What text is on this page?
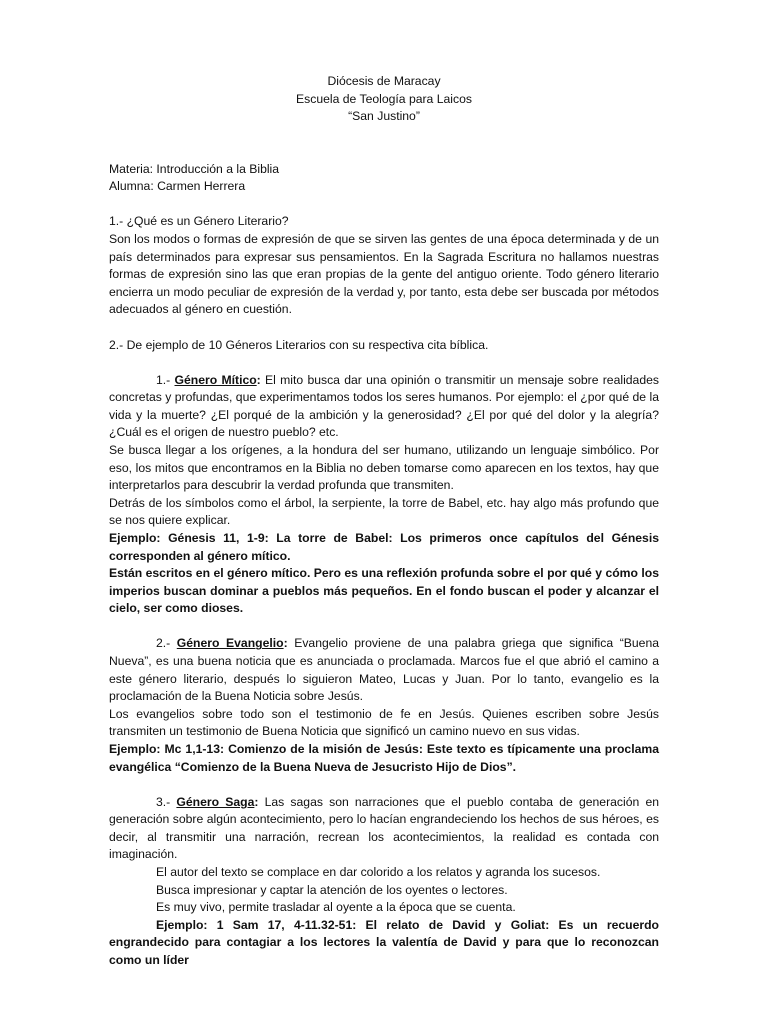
Diócesis de Maracay
Escuela de Teología para Laicos
“San Justino”
Materia: Introducción a la Biblia
Alumna: Carmen Herrera

1.- ¿Qué es un Género Literario?

Son los modos o formas de expresión de que se sirven las gentes de una época determinada y de un país determinados para expresar sus pensamientos. En la Sagrada Escritura no hallamos nuestras formas de expresión sino las que eran propias de la gente del antiguo oriente. Todo género literario encierra un modo peculiar de expresión de la verdad y, por tanto, esta debe ser buscada por métodos adecuados al género en cuestión.

2.- De ejemplo de 10 Géneros Literarios con su respectiva cita bíblica.

1.- Género Mítico: El mito busca dar una opinión o transmitir un mensaje sobre realidades concretas y profundas, que experimentamos todos los seres humanos. Por ejemplo: el ¿por qué de la vida y la muerte? ¿El porqué de la ambición y la generosidad? ¿El por qué del dolor y la alegría? ¿Cuál es el origen de nuestro pueblo? etc.

Se busca llegar a los orígenes, a la hondura del ser humano, utilizando un lenguaje simbólico. Por eso, los mitos que encontramos en la Biblia no deben tomarse como aparecen en los textos, hay que interpretarlos para descubrir la verdad profunda que transmiten.

Detrás de los símbolos como el árbol, la serpiente, la torre de Babel, etc. hay algo más profundo que se nos quiere explicar.

Ejemplo: Génesis 11, 1-9: La torre de Babel: Los primeros once capítulos del Génesis corresponden al género mítico.

Están escritos en el género mítico. Pero es una reflexión profunda sobre el por qué y cómo los imperios buscan dominar a pueblos más pequeños. En el fondo buscan el poder y alcanzar el cielo, ser como dioses.

2.- Género Evangelio: Evangelio proviene de una palabra griega que significa “Buena Nueva”, es una buena noticia que es anunciada o proclamada. Marcos fue el que abrió el camino a este género literario, después lo siguieron Mateo, Lucas y Juan. Por lo tanto, evangelio es la proclamación de la Buena Noticia sobre Jesús.

Los evangelios sobre todo son el testimonio de fe en Jesús. Quienes escriben sobre Jesús transmiten un testimonio de Buena Noticia que significó un camino nuevo en sus vidas.

Ejemplo: Mc 1,1-13: Comienzo de la misión de Jesús: Este texto es típicamente una proclama evangélica “Comienzo de la Buena Nueva de Jesucristo Hijo de Dios”.

3.- Género Saga: Las sagas son narraciones que el pueblo contaba de generación en generación sobre algún acontecimiento, pero lo hacían engrandeciendo los hechos de sus héroes, es decir, al transmitir una narración, recrean los acontecimientos, la realidad es contada con imaginación.

El autor del texto se complace en dar colorido a los relatos y agranda los sucesos.

Busca impresionar y captar la atención de los oyentes o lectores.

Es muy vivo, permite trasladar al oyente a la época que se cuenta.

Ejemplo: 1 Sam 17, 4-11.32-51: El relato de David y Goliat: Es un recuerdo engrandecido para contagiar a los lectores la valentía de David y para que lo reconozcan como un líder
